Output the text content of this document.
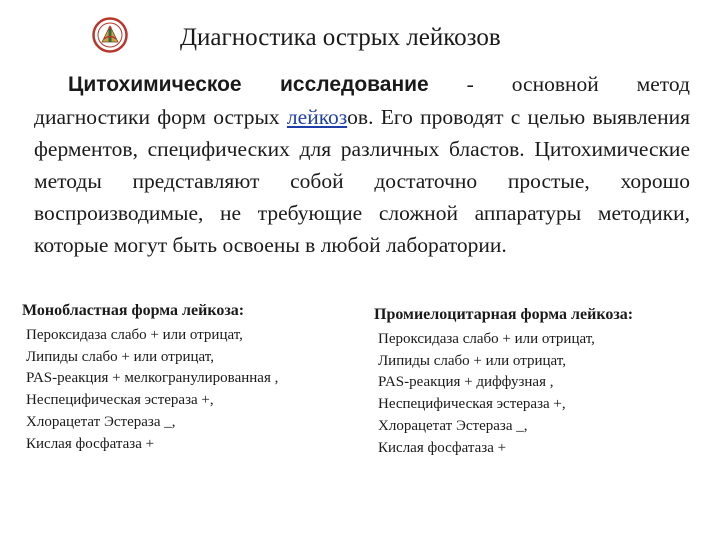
Диагностика острых лейкозов
Цитохимическое исследование - основной метод
диагностики форм острых лейкозов. Его проводят с целью выявления ферментов, специфических для различных бластов. Цитохимические методы представляют собой достаточно простые, хорошо воспроизводимые, не требующие сложной аппаратуры методики, которые могут быть освоены в любой лаборатории.
Монобластная форма лейкоза:
Пероксидаза слабо + или отрицат,
Липиды слабо + или отрицат,
PAS-реакция + мелкогранулированная ,
Неспецифическая эстераза +,
Хлорацетат Эстераза _,
Кислая фосфатаза +
Промиелоцитарная форма лейкоза:
Пероксидаза слабо + или отрицат,
Липиды слабо + или отрицат,
PAS-реакция + диффузная ,
Неспецифическая эстераза +,
Хлорацетат Эстераза _,
Кислая фосфатаза +
